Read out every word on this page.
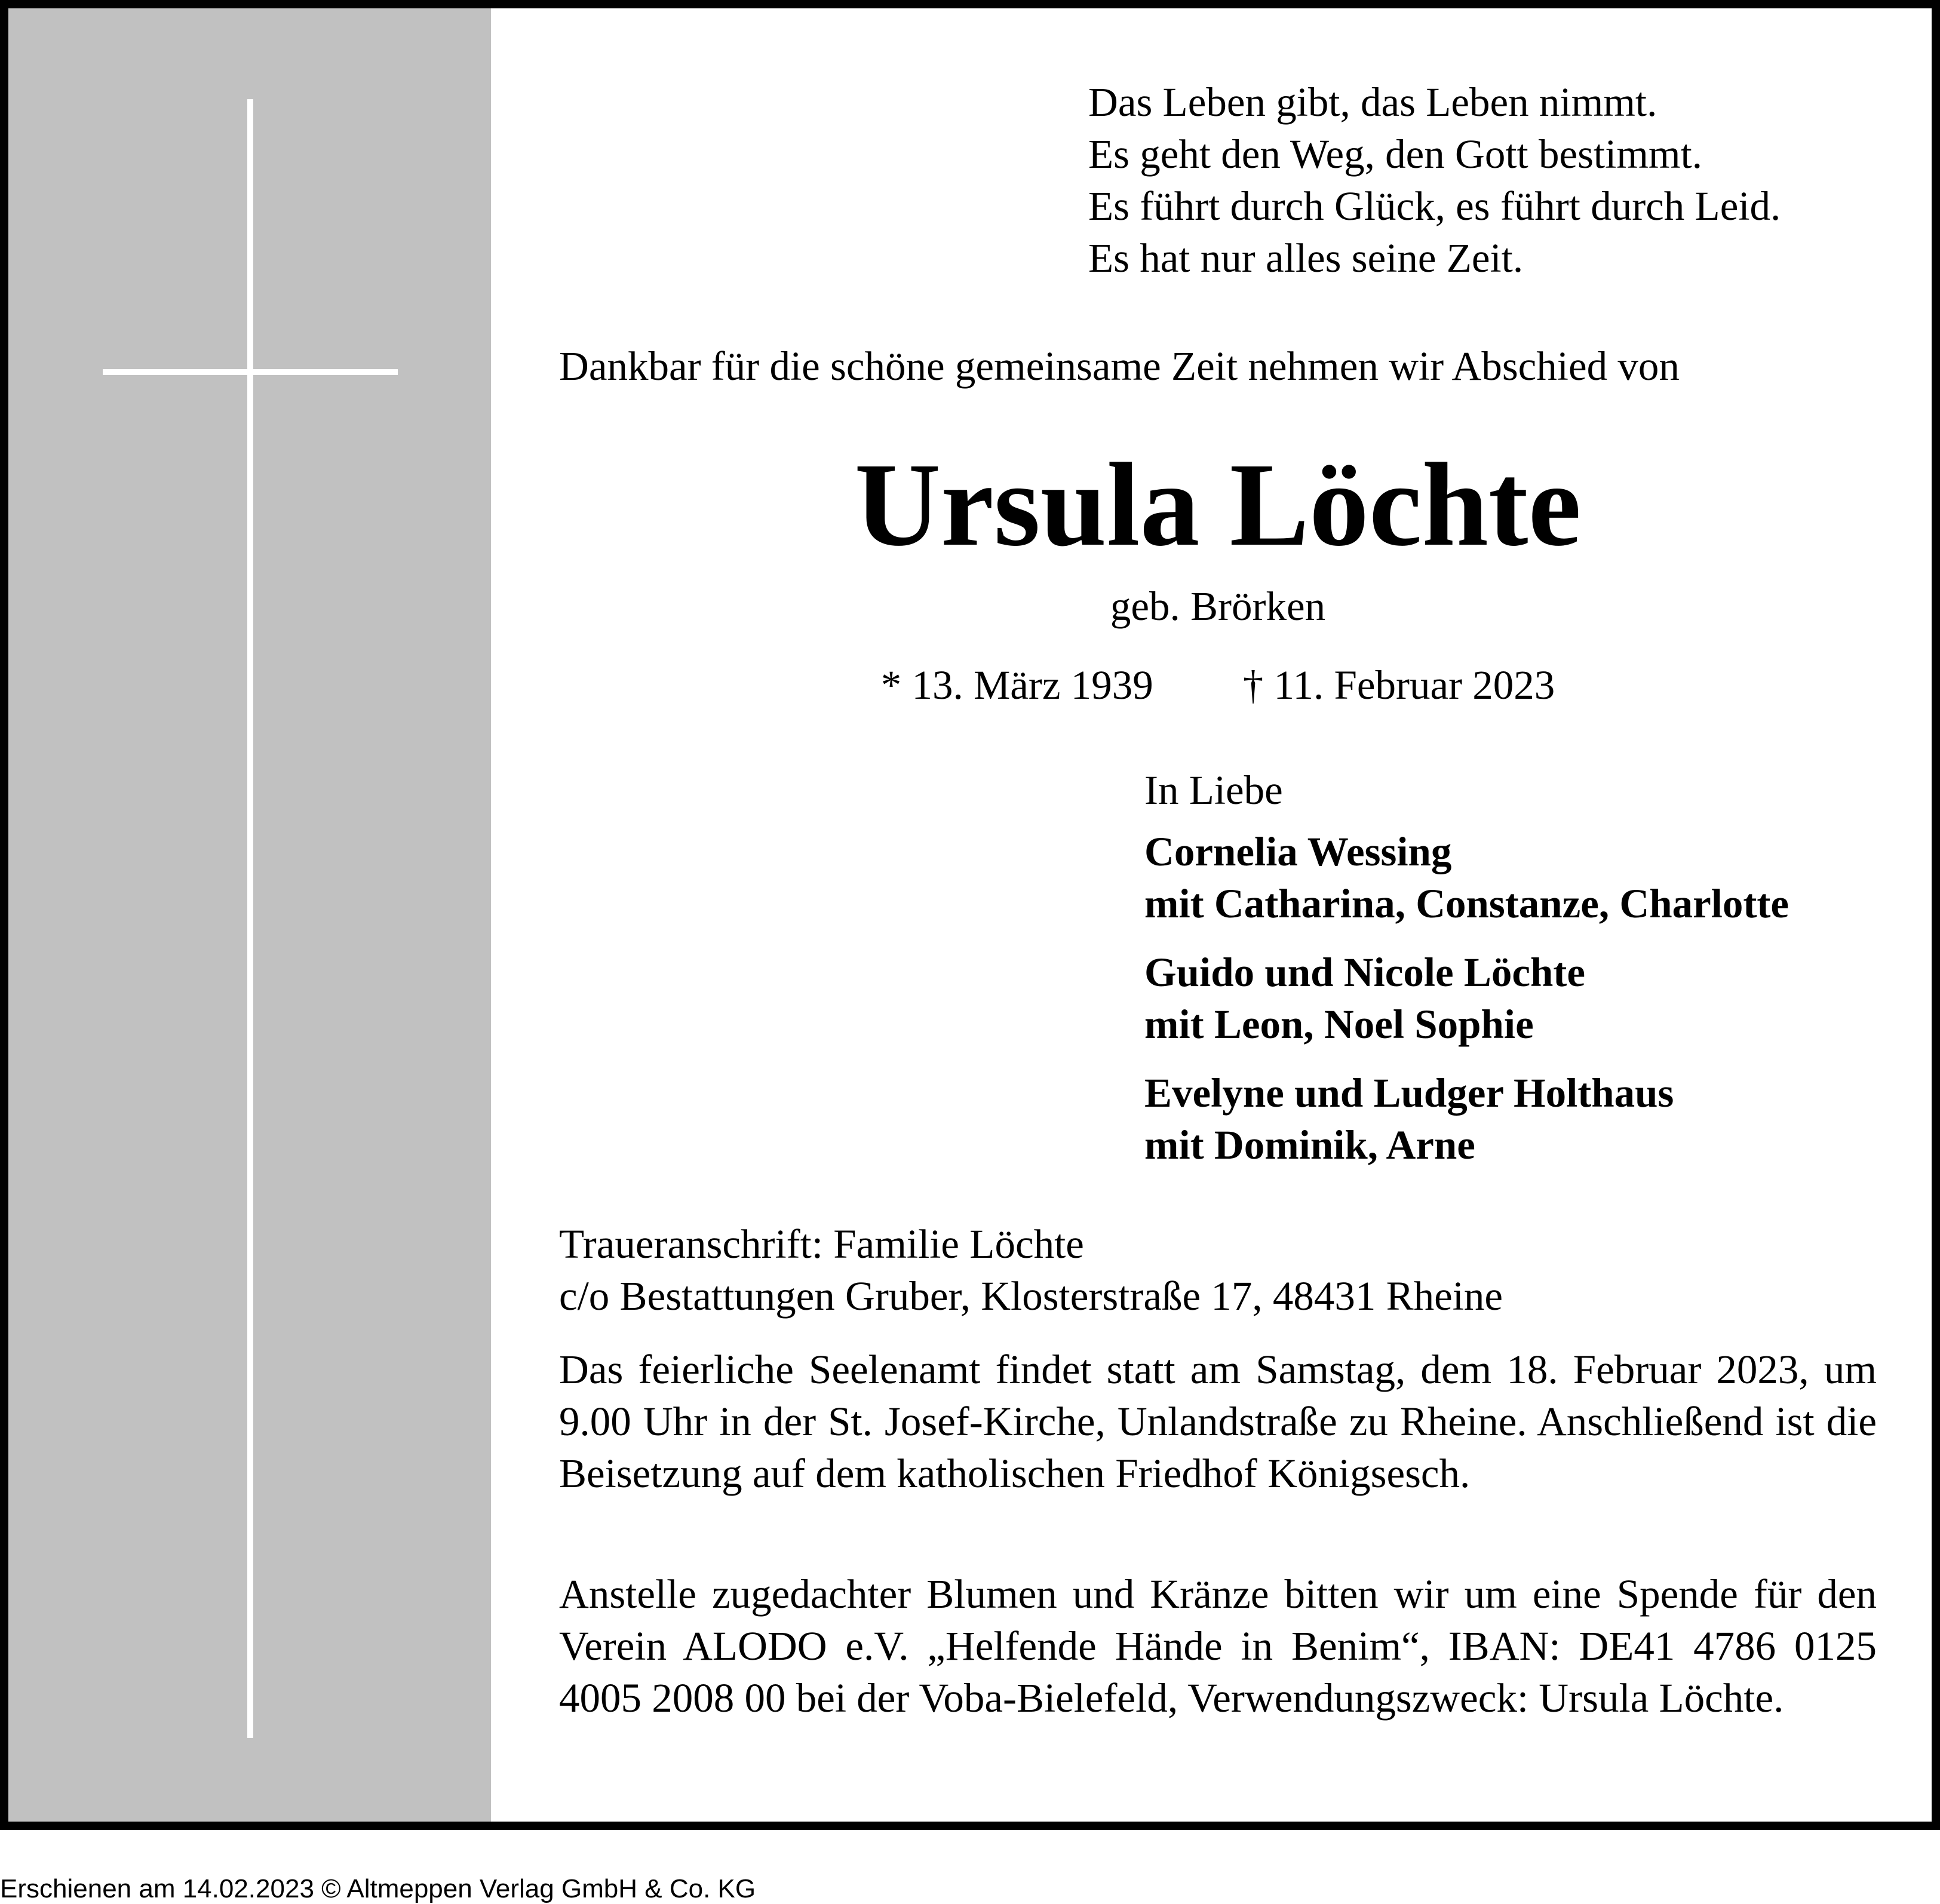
Das Leben gibt, das Leben nimmt.
Es geht den Weg, den Gott bestimmt.
Es führt durch Glück, es führt durch Leid.
Es hat nur alles seine Zeit.
Dankbar für die schöne gemeinsame Zeit nehmen wir Abschied von
Ursula Löchte
geb. Brörken
* 13. März 1939 † 11. Februar 2023
In Liebe
Cornelia Wessing
mit Catharina, Constanze, Charlotte
Guido und Nicole Löchte
mit Leon, Noel Sophie
Evelyne und Ludger Holthaus
mit Dominik, Arne
Traueranschrift: Familie Löchte
c/o Bestattungen Gruber, Klosterstraße 17, 48431 Rheine
Das feierliche Seelenamt findet statt am Samstag, dem 18. Februar 2023, um 9.00 Uhr in der St. Josef-Kirche, Unlandstraße zu Rheine. Anschließend ist die Beisetzung auf dem katholischen Friedhof Königsesch.
Anstelle zugedachter Blumen und Kränze bitten wir um eine Spende für den Verein ALODO e.V. „Helfende Hände in Benim“, IBAN: DE41 4786 0125 4005 2008 00 bei der Voba-Bielefeld, Verwendungszweck: Ursula Löchte.
Erschienen am 14.02.2023 © Altmeppen Verlag GmbH & Co. KG
